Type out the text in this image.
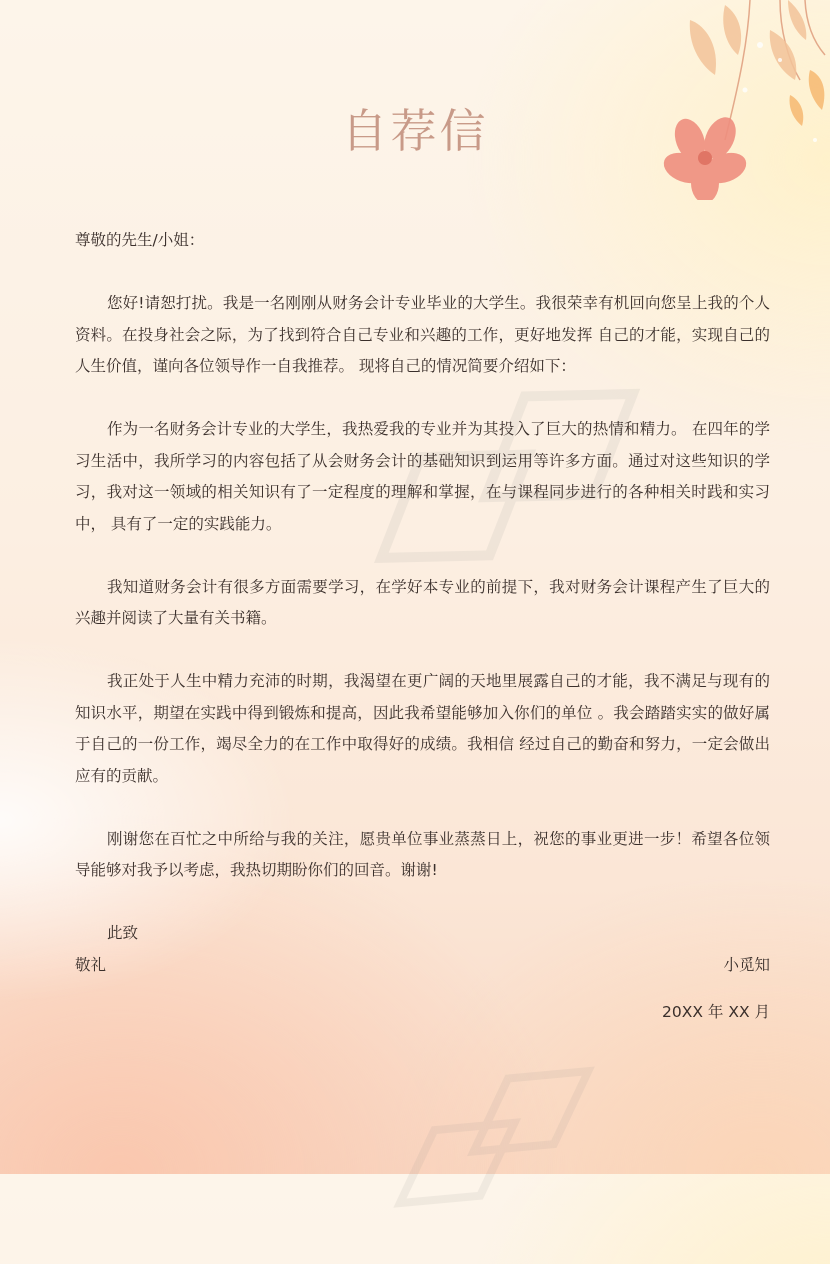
自荐信

尊敬的先生/小姐：

您好!请恕打扰。我是一名刚刚从财务会计专业毕业的大学生。我很荣幸有机回向您呈上我的个人资料。在投身社会之际，为了找到符合自己专业和兴趣的工作，更好地发挥 自己的才能，实现自己的人生价值，谨向各位领导作一自我推荐。 现将自己的情况简要介绍如下：

作为一名财务会计专业的大学生，我热爱我的专业并为其投入了巨大的热情和精力。 在四年的学习生活中，我所学习的内容包括了从会财务会计的基础知识到运用等许多方面。通过对这些知识的学习，我对这一领域的相关知识有了一定程度的理解和掌握，在与课程同步进行的各种相关时践和实习中， 具有了一定的实践能力。

我知道财务会计有很多方面需要学习，在学好本专业的前提下，我对财务会计课程产生了巨大的兴趣并阅读了大量有关书籍。

我正处于人生中精力充沛的时期，我渴望在更广阔的天地里展露自己的才能，我不满足与现有的知识水平，期望在实践中得到锻炼和提高，因此我希望能够加入你们的单位 。我会踏踏实实的做好属于自己的一份工作，竭尽全力的在工作中取得好的成绩。我相信 经过自己的勤奋和努力，一定会做出应有的贡献。

刚谢您在百忙之中所给与我的关注，愿贵单位事业蒸蒸日上，祝您的事业更进一步！希望各位领导能够对我予以考虑，我热切期盼你们的回音。谢谢!

此致

敬礼	小觅知
20XX 年 XX 月
